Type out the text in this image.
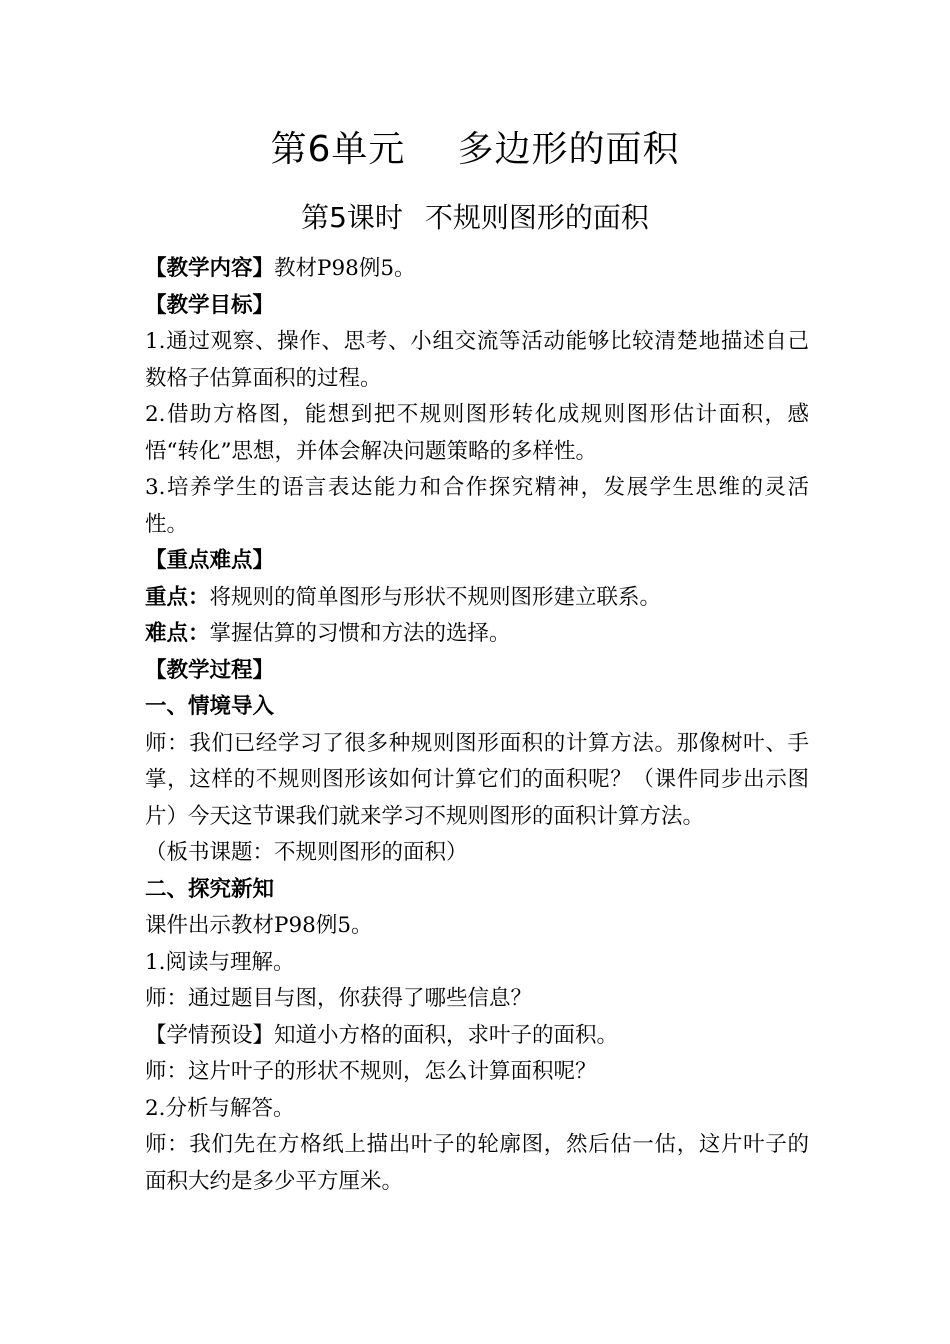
第6单元 多边形的面积
第5课时 不规则图形的面积

【教学内容】教材P98例5。

【教学目标】

1.通过观察、操作、思考、小组交流等活动能够比较清楚地描述自己数格子估算面积的过程。

2.借助方格图，能想到把不规则图形转化成规则图形估计面积，感悟“转化”思想，并体会解决问题策略的多样性。

3.培养学生的语言表达能力和合作探究精神，发展学生思维的灵活性。

【重点难点】

重点：将规则的简单图形与形状不规则图形建立联系。

难点：掌握估算的习惯和方法的选择。

【教学过程】

一、情境导入

师：我们已经学习了很多种规则图形面积的计算方法。那像树叶、手掌，这样的不规则图形该如何计算它们的面积呢？（课件同步出示图片）今天这节课我们就来学习不规则图形的面积计算方法。

（板书课题：不规则图形的面积）

二、探究新知

课件出示教材P98例5。

1.阅读与理解。

师：通过题目与图，你获得了哪些信息？

【学情预设】知道小方格的面积，求叶子的面积。

师：这片叶子的形状不规则，怎么计算面积呢？

2.分析与解答。

师：我们先在方格纸上描出叶子的轮廓图，然后估一估，这片叶子的面积大约是多少平方厘米。
